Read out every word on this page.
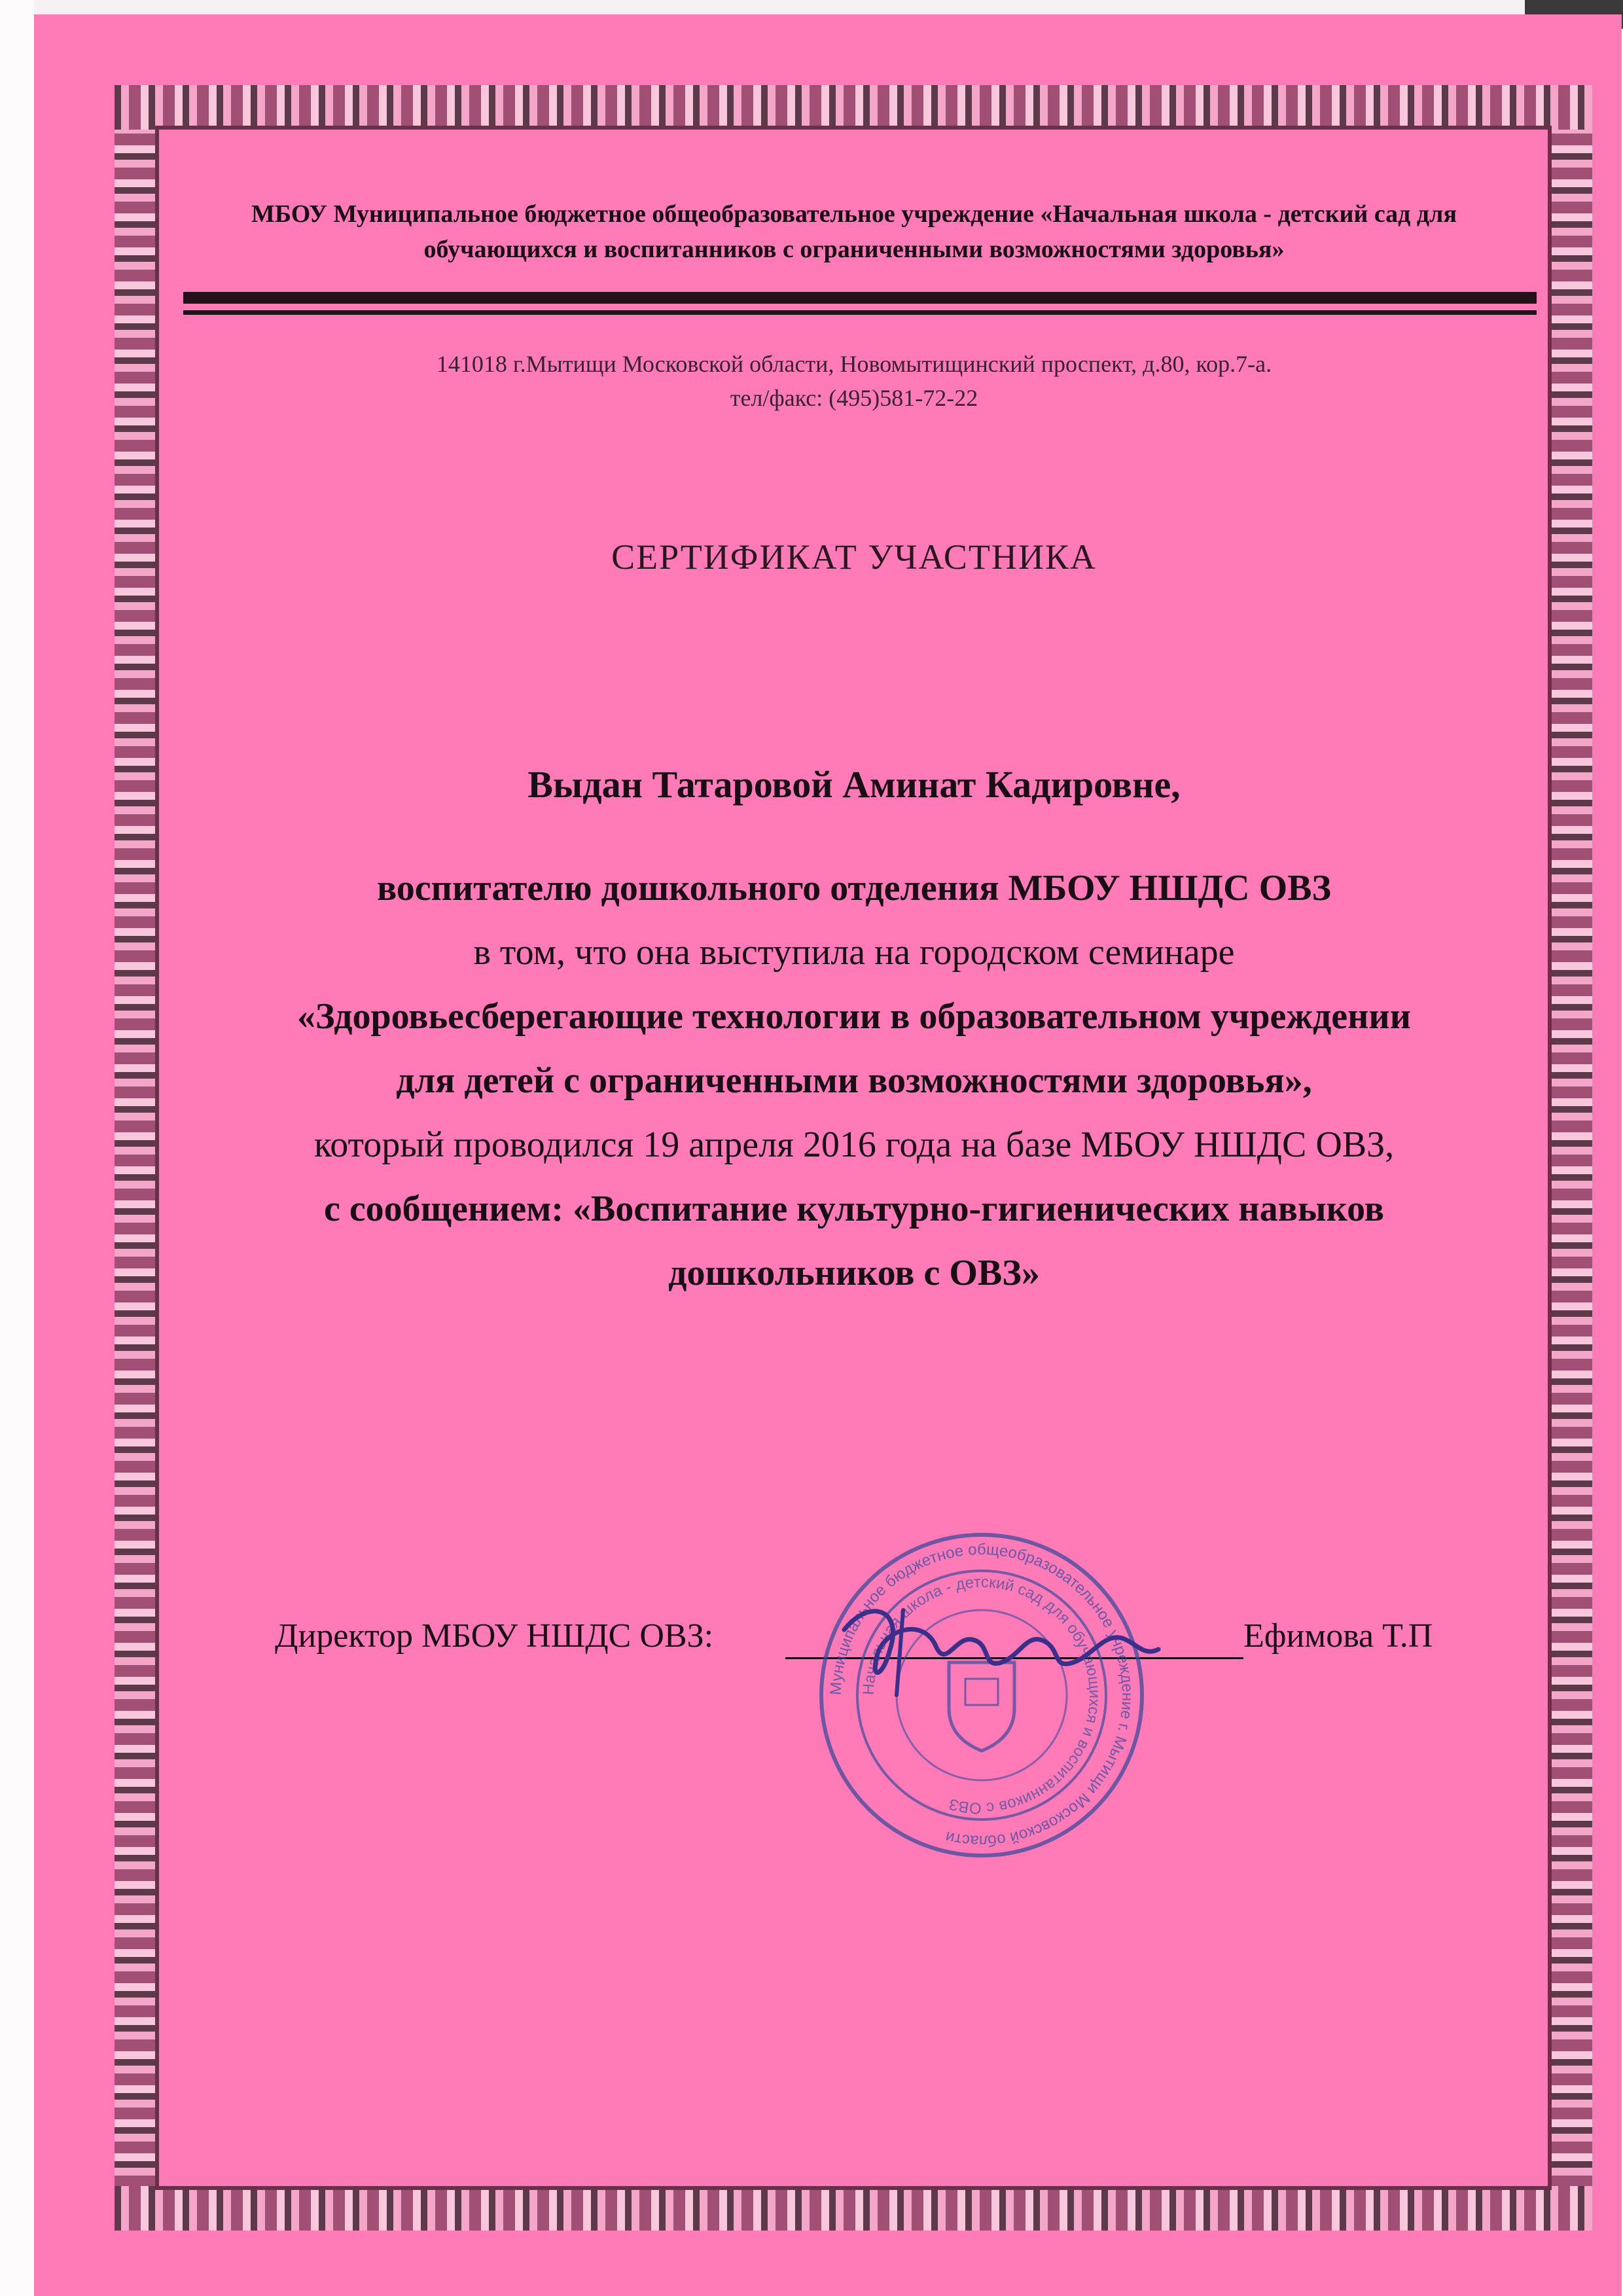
МБОУ Муниципальное бюджетное общеобразовательное учреждение «Начальная школа - детский сад для
обучающихся и воспитанников с ограниченными возможностями здоровья»
141018 г.Мытищи Московской области, Новомытищинский проспект, д.80, кор.7-а.
тел/факс: (495)581-72-22
СЕРТИФИКАТ УЧАСТНИКА
Выдан Татаровой Аминат Кадировне,
воспитателю дошкольного отделения МБОУ НШДС ОВЗ
в том, что она выступила на городском семинаре
«Здоровьесберегающие технологии в образовательном учреждении
для детей с ограниченными возможностями здоровья»,
который проводился 19 апреля 2016 года на базе МБОУ НШДС ОВЗ,
с сообщением: «Воспитание культурно-гигиенических навыков
дошкольников с ОВЗ»
Директор МБОУ НШДС ОВЗ:	Ефимова Т.П
Муниципальное бюджетное общеобразовательное учреждение г. Мытищи Московской области
Начальная школа - детский сад для обучающихся и воспитанников с ОВЗ
